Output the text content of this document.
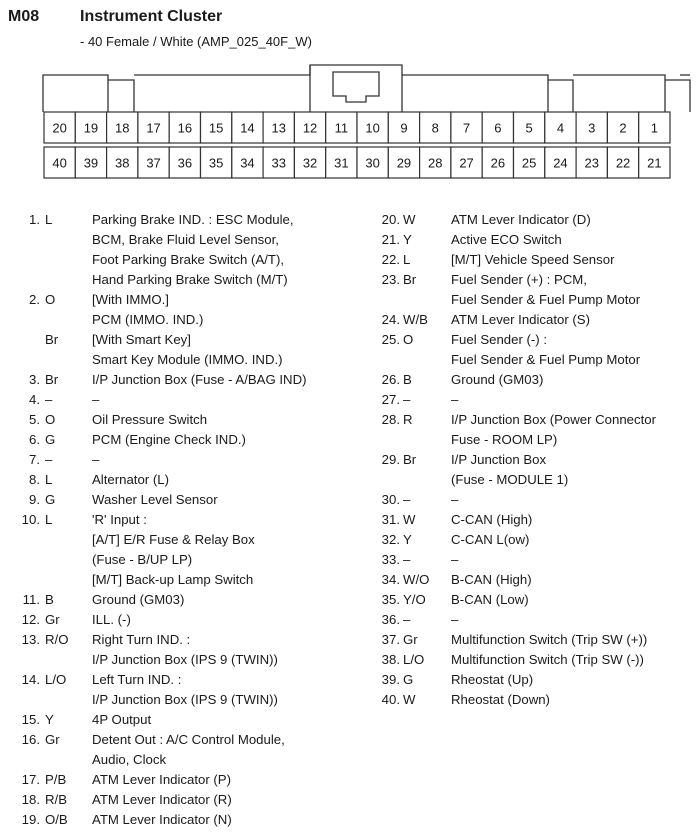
M08	Instrument Cluster
- 40 Female / White (AMP_025_40F_W)
20 19 18 17 16 15 14 13 12 11 10 9 8 7 6 5 4 3 2 1
40 39 38 37 36 35 34 33 32 31 30 29 28 27 26 25 24 23 22 21
1. L	Parking Brake IND. : ESC Module,
BCM, Brake Fluid Level Sensor,
Foot Parking Brake Switch (A/T),
Hand Parking Brake Switch (M/T)
2. O	[With IMMO.]
PCM (IMMO. IND.)
Br	[With Smart Key]
Smart Key Module (IMMO. IND.)
3. Br	I/P Junction Box (Fuse - A/BAG IND)
4. –	–
5. O	Oil Pressure Switch
6. G	PCM (Engine Check IND.)
7. –	–
8. L	Alternator (L)
9. G	Washer Level Sensor
10. L	'R' Input :
[A/T] E/R Fuse & Relay Box
(Fuse - B/UP LP)
[M/T] Back-up Lamp Switch
11. B	Ground (GM03)
12. Gr ILL. (-)
13. R/O Right Turn IND. :
I/P Junction Box (IPS 9 (TWIN))
14. L/O Left Turn IND. :
I/P Junction Box (IPS 9 (TWIN))
15. Y	4P Output
16. Gr Detent Out : A/C Control Module,
Audio, Clock
17. P/B ATM Lever Indicator (P)
18. R/B ATM Lever Indicator (R)
19. O/B ATM Lever Indicator (N)
20. W	ATM Lever Indicator (D)
21. Y	Active ECO Switch
22. L	[M/T] Vehicle Speed Sensor
23. Br	Fuel Sender (+) : PCM,
Fuel Sender & Fuel Pump Motor
24. W/B ATM Lever Indicator (S)
25. O	Fuel Sender (-) :
Fuel Sender & Fuel Pump Motor
26. B	Ground (GM03)
27. –	–
28. R	I/P Junction Box (Power Connector
Fuse - ROOM LP)
29. Br	I/P Junction Box
(Fuse - MODULE 1)
30. –	–
31. W	C-CAN (High)
32. Y	C-CAN L(ow)
33. –	–
34. W/O B-CAN (High)
35. Y/O B-CAN (Low)
36. –	–
37. Gr	Multifunction Switch (Trip SW (+))
38. L/O Multifunction Switch (Trip SW (-))
39. G	Rheostat (Up)
40. W	Rheostat (Down)
